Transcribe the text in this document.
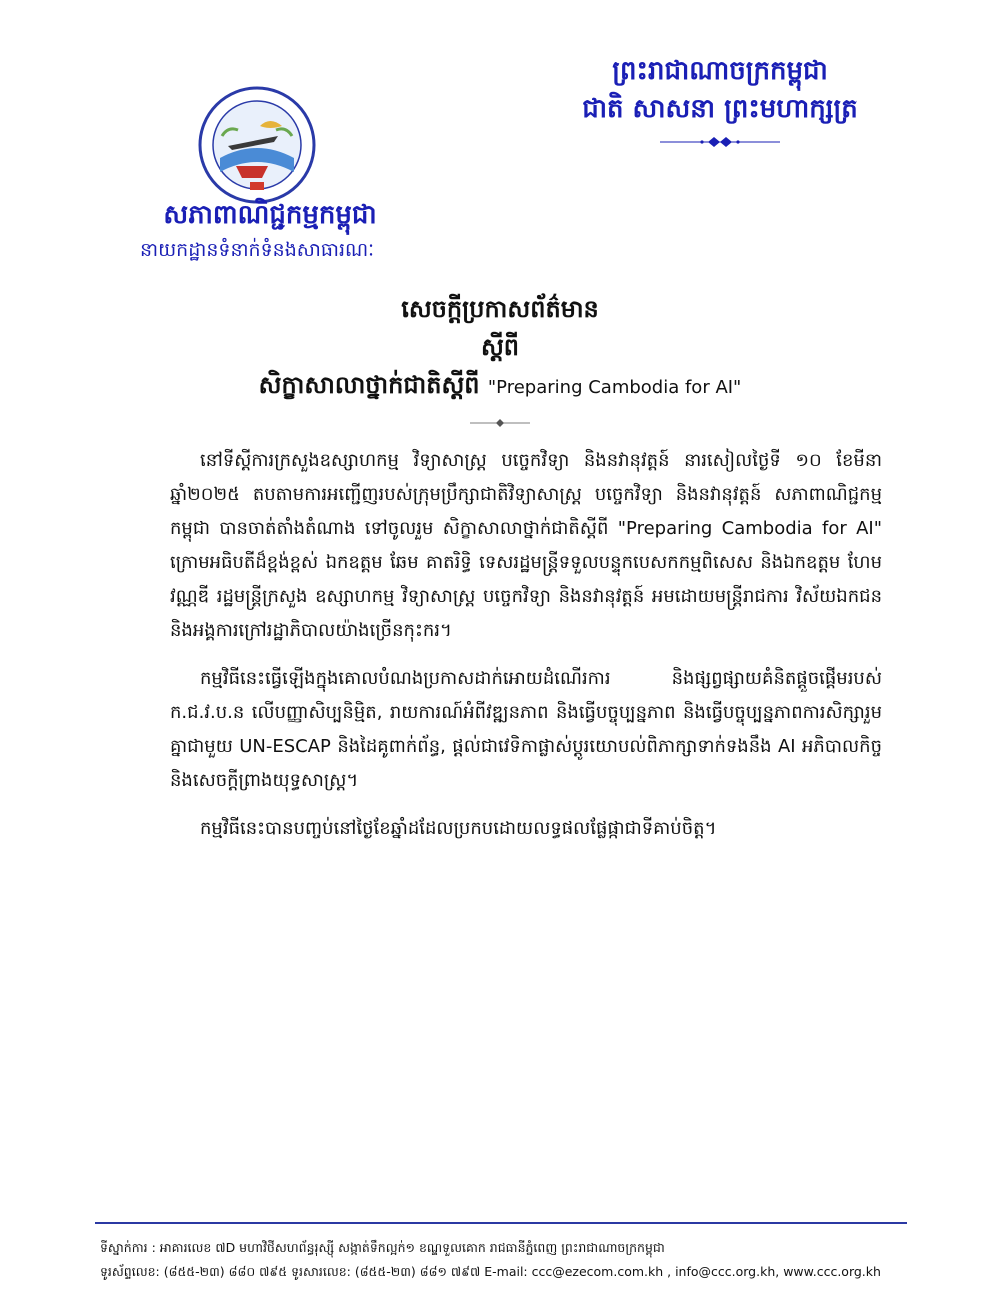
ព្រះរាជាណាចក្រកម្ពុជា
ជាតិ សាសនា ព្រះមហាក្សត្រ
សភាពាណិជ្ជកម្មកម្ពុជា
នាយកដ្ឋានទំនាក់ទំនងសាធារណៈ
សេចក្តីប្រកាសព័ត៌មាន
ស្តីពី
សិក្ខាសាលាថ្នាក់ជាតិស្តីពី "Preparing Cambodia for AI"

នៅទីស្តីការក្រសួងឧស្សាហកម្ម វិទ្យាសាស្ត្រ បច្ចេកវិទ្យា និងនវានុវត្តន៍ នារសៀលថ្ងៃទី ១០ ខែមីនា ឆ្នាំ២០២៥ តបតាមការអញ្ជើញរបស់ក្រុមប្រឹក្សាជាតិវិទ្យាសាស្ត្រ បច្ចេកវិទ្យា និងនវានុវត្តន៍ សភាពាណិជ្ជកម្មកម្ពុជា បានចាត់តាំងតំណាង ទៅចូលរួម សិក្ខាសាលាថ្នាក់ជាតិស្តីពី "Preparing Cambodia for AI" ក្រោមអធិបតីដ៏ខ្ពង់ខ្ពស់ ឯកឧត្តម ឆែម គាតរិទ្ធិ ទេសរដ្ឋមន្ត្រីទទួលបន្ទុកបេសកកម្មពិសេស និងឯកឧត្តម ហែម វណ្ណឌី រដ្ឋមន្ត្រីក្រសួង ឧស្សាហកម្ម វិទ្យាសាស្ត្រ បច្ចេកវិទ្យា និងនវានុវត្តន៍ អមដោយមន្ត្រីរាជការ វិស័យឯកជន និងអង្គការក្រៅរដ្ឋាភិបាលយ៉ាងច្រើនកុះករ។

កម្មវិធីនេះធ្វើឡើងក្នុងគោលបំណងប្រកាសដាក់អោយដំណើរការ និងផ្សព្វផ្សាយគំនិតផ្តួចផ្តើមរបស់ ក.ជ.វ.ប.ន លើបញ្ញាសិប្បនិម្មិត, រាយការណ៍អំពីវឌ្ឍនភាព និងធ្វើបច្ចុប្បន្នភាព និងធ្វើបច្ចុប្បន្នភាពការសិក្សារួមគ្នាជាមួយ UN-ESCAP និងដៃគូពាក់ព័ន្ធ, ផ្តល់ជាវេទិកាផ្លាស់ប្តូរយោបល់ពិភាក្សាទាក់ទងនឹង AI អភិបាលកិច្ច និងសេចក្តីព្រាងយុទ្ធសាស្ត្រ។

កម្មវិធីនេះបានបញ្ចប់នៅថ្ងៃខែឆ្នាំដដែលប្រកបដោយលទ្ធផលផ្លែផ្កាជាទីគាប់ចិត្ត។

ទីស្នាក់ការ : អាគារលេខ ៧D មហាវិថីសហព័ន្ធរុស្ស៊ី សង្កាត់ទឹកល្អក់១ ខណ្ឌទួលគោក រាជធានីភ្នំពេញ ព្រះរាជាណាចក្រកម្ពុជា
ទូរស័ព្ទលេខ: (៨៥៥-២៣) ៨៨០ ៧៩៥ ទូរសារលេខ: (៨៥៥-២៣) ៨៨១ ៧៩៧ E-mail: ccc@ezecom.com.kh , info@ccc.org.kh, www.ccc.org.kh
